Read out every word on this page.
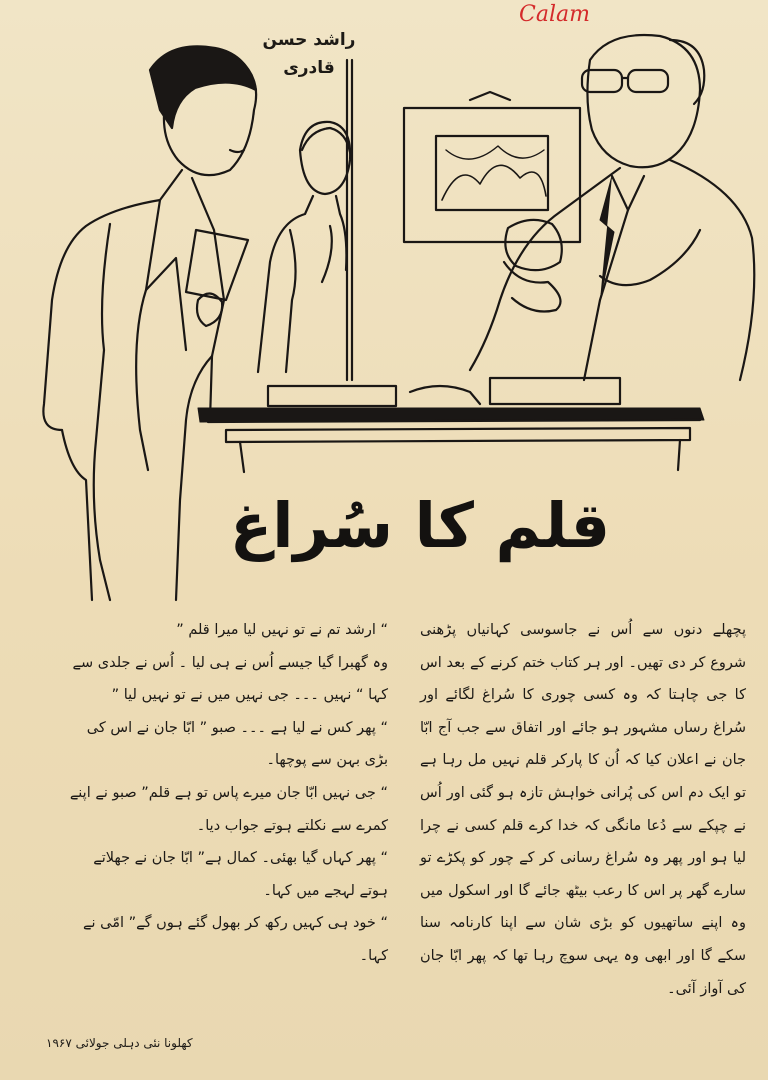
Calam
راشد حسن قادری
قلم کا سُراغ

پچھلے دنوں سے اُس نے جاسوسی کہانیاں پڑھنی شروع کر دی تھیں۔ اور ہر کتاب ختم کرنے کے بعد اس کا جی چاہتا کہ وہ کسی چوری کا سُراغ لگائے اور سُراغ رساں مشہور ہو جائے اور اتفاق سے جب آج ابّا جان نے اعلان کیا کہ اُن کا پارکر قلم نہیں مل رہا ہے تو ایک دم اس کی پُرانی خواہش تازہ ہو گئی اور اُس نے چپکے سے دُعا مانگی کہ خدا کرے قلم کسی نے چرا لیا ہو اور پھر وہ سُراغ رسانی کر کے چور کو پکڑے تو سارے گھر پر اس کا رعب بیٹھ جائے گا اور اسکول میں وہ اپنے ساتھیوں کو بڑی شان سے اپنا کارنامہ سنا سکے گا اور ابھی وہ یہی سوچ رہا تھا کہ پھر ابّا جان کی آواز آئی۔

“ ارشد تم نے تو نہیں لیا میرا قلم ”

وہ گھبرا گیا جیسے اُس نے ہی لیا ۔ اُس نے جلدی سے کہا “ نہیں ۔۔۔ جی نہیں میں نے تو نہیں لیا ”

“ پھر کس نے لیا ہے ۔۔۔ صبو ” ابّا جان نے اس کی بڑی بہن سے پوچھا۔

“ جی نہیں ابّا جان میرے پاس تو ہے قلم” صبو نے اپنے کمرے سے نکلتے ہوتے جواب دیا۔

“ پھر کہاں گیا بھئی۔ کمال ہے” ابّا جان نے جھلاتے ہوتے لہجے میں کہا۔

“ خود ہی کہیں رکھ کر بھول گئے ہوں گے” امّی نے کہا۔

کھلونا نئی دہلی جولائی ۱۹۶۷
